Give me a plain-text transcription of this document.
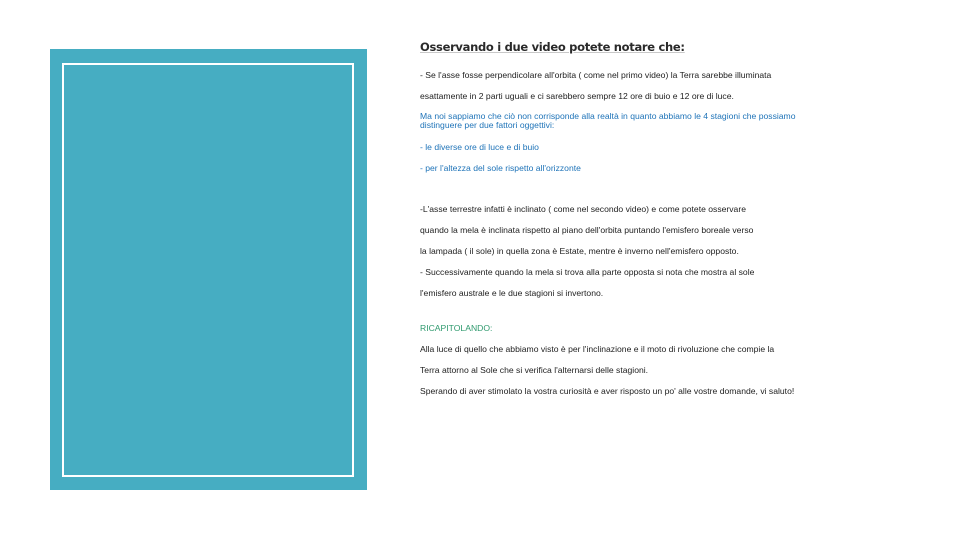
Osservando i due video potete notare che:

- Se l'asse fosse perpendicolare all'orbita ( come nel primo video) la Terra sarebbe illuminata

esattamente in 2 parti uguali e ci sarebbero sempre 12 ore di buio e 12 ore di luce.

Ma noi sappiamo che ciò non corrisponde alla realtà in quanto abbiamo le 4 stagioni che possiamo

distinguere per due fattori oggettivi:

- le diverse ore di luce e di buio

- per l'altezza del sole rispetto all'orizzonte

-L'asse terrestre infatti è inclinato ( come nel secondo video) e come potete osservare

quando la mela è inclinata rispetto al piano dell'orbita puntando l'emisfero boreale verso

la lampada ( il sole) in quella zona è Estate, mentre è inverno nell'emisfero opposto.

- Successivamente quando la mela si trova alla parte opposta si nota che mostra al sole

l'emisfero australe e le due stagioni si invertono.

RICAPITOLANDO:

Alla luce di quello che abbiamo visto è per l'inclinazione e il moto di rivoluzione che compie la

Terra attorno al Sole che si verifica l'alternarsi delle stagioni.

Sperando di aver stimolato la vostra curiosità e aver risposto un po' alle vostre domande, vi saluto!
